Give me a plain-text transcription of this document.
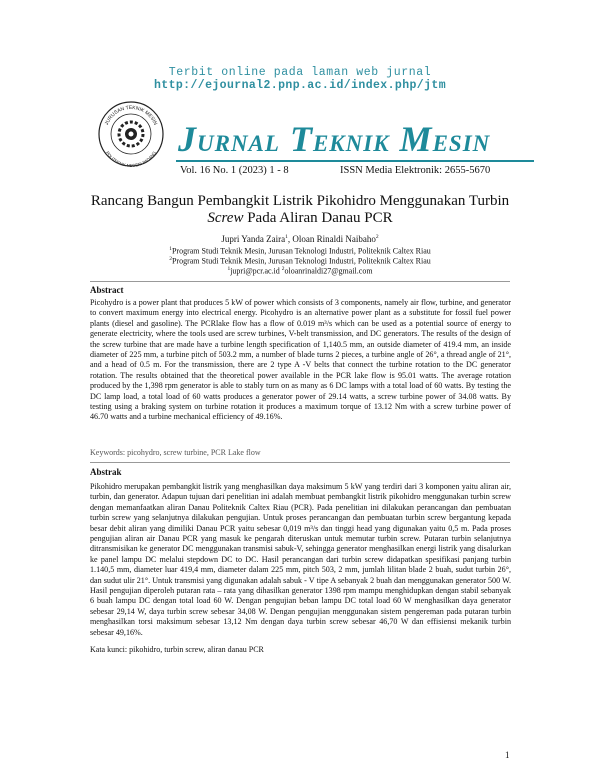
Terbit online pada laman web jurnal
http://ejournal2.pnp.ac.id/index.php/jtm
JURUSAN TEKNIK MESIN
POLITEKNIK NEGERI PADANG JURNAL TEKNIK MESIN
Vol. 16 No. 1 (2023) 1 - 8	ISSN Media Elektronik: 2655-5670
Rancang Bangun Pembangkit Listrik Pikohidro Menggunakan Turbin
Screw Pada Aliran Danau PCR
Jupri Yanda Zaira$^1$, Oloan Rinaldi Naibaho$^2$
$^1$Program Studi Teknik Mesin, Jurusan Teknologi Industri, Politeknik Caltex Riau
$^2$Program Studi Teknik Mesin, Jurusan Teknologi Industri, Politeknik Caltex Riau
$^1$jupri@pcr.ac.id $^2$oloanrinaldi27@gmail.com
Abstract
Picohydro is a power plant that produces 5 kW of power which consists of 3 components, namely air flow, turbine, and generator to convert maximum energy into electrical energy. Picohydro is an alternative power plant as a substitute for fossil fuel power plants (diesel and gasoline). The PCRlake flow has a flow of 0.019 m³/s which can be used as a potential source of energy to generate electricity, where the tools used are screw turbines, V-belt transmission, and DC generators. The results of the design of the screw turbine that are made have a turbine length specification of 1,140.5 mm, an outside diameter of 419.4 mm, an inside diameter of 225 mm, a turbine pitch of 503.2 mm, a number of blade turns 2 pieces, a turbine angle of 26°, a thread angle of 21°, and a head of 0.5 m. For the transmission, there are 2 type A -V belts that connect the turbine rotation to the DC generator rotation. The results obtained that the theoretical power available in the PCR lake flow is 95.01 watts. The average rotation produced by the 1,398 rpm generator is able to stably turn on as many as 6 DC lamps with a total load of 60 watts. By testing the DC lamp load, a total load of 60 watts produces a generator power of 29.14 watts, a screw turbine power of 34.08 watts. By testing using a braking system on turbine rotation it produces a maximum torque of 13.12 Nm with a screw turbine power of 46.70 watts and a turbine mechanical efficiency of 49.16%.
Keywords: picohydro, screw turbine, PCR Lake flow
Abstrak
Pikohidro merupakan pembangkit listrik yang menghasilkan daya maksimum 5 kW yang terdiri dari 3 komponen yaitu aliran air, turbin, dan generator. Adapun tujuan dari penelitian ini adalah membuat pembangkit listrik pikohidro menggunakan turbin screw dengan memanfaatkan aliran Danau Politeknik Caltex Riau (PCR). Pada penelitian ini dilakukan perancangan dan pembuatan turbin screw yang selanjutnya dilakukan pengujian. Untuk proses perancangan dan pembuatan turbin screw bergantung kepada besar debit aliran yang dimiliki Danau PCR yaitu sebesar 0,019 m³/s dan tinggi head yang digunakan yaitu 0,5 m. Pada proses pengujian aliran air Danau PCR yang masuk ke pengarah diteruskan untuk memutar turbin screw. Putaran turbin selanjutnya ditransmisikan ke generator DC menggunakan transmisi sabuk-V, sehingga generator menghasilkan energi listrik yang disalurkan ke panel lampu DC melalui stepdown DC to DC. Hasil perancangan dari turbin screw didapatkan spesifikasi panjang turbin 1.140,5 mm, diameter luar 419,4 mm, diameter dalam 225 mm, pitch 503, 2 mm, jumlah lilitan blade 2 buah, sudut turbin 26°, dan sudut ulir 21°. Untuk transmisi yang digunakan adalah sabuk - V tipe A sebanyak 2 buah dan menggunakan generator 500 W. Hasil pengujian diperoleh putaran rata – rata yang dihasilkan generator 1398 rpm mampu menghidupkan dengan stabil sebanyak 6 buah lampu DC dengan total load 60 W. Dengan pengujian beban lampu DC total load 60 W menghasilkan daya generator sebesar 29,14 W, daya turbin screw sebesar 34,08 W. Dengan pengujian menggunakan sistem pengereman pada putaran turbin menghasilkan torsi maksimum sebesar 13,12 Nm dengan daya turbin screw sebesar 46,70 W dan effisiensi mekanik turbin sebesar 49,16%.
Kata kunci: pikohidro, turbin screw, aliran danau PCR
1
